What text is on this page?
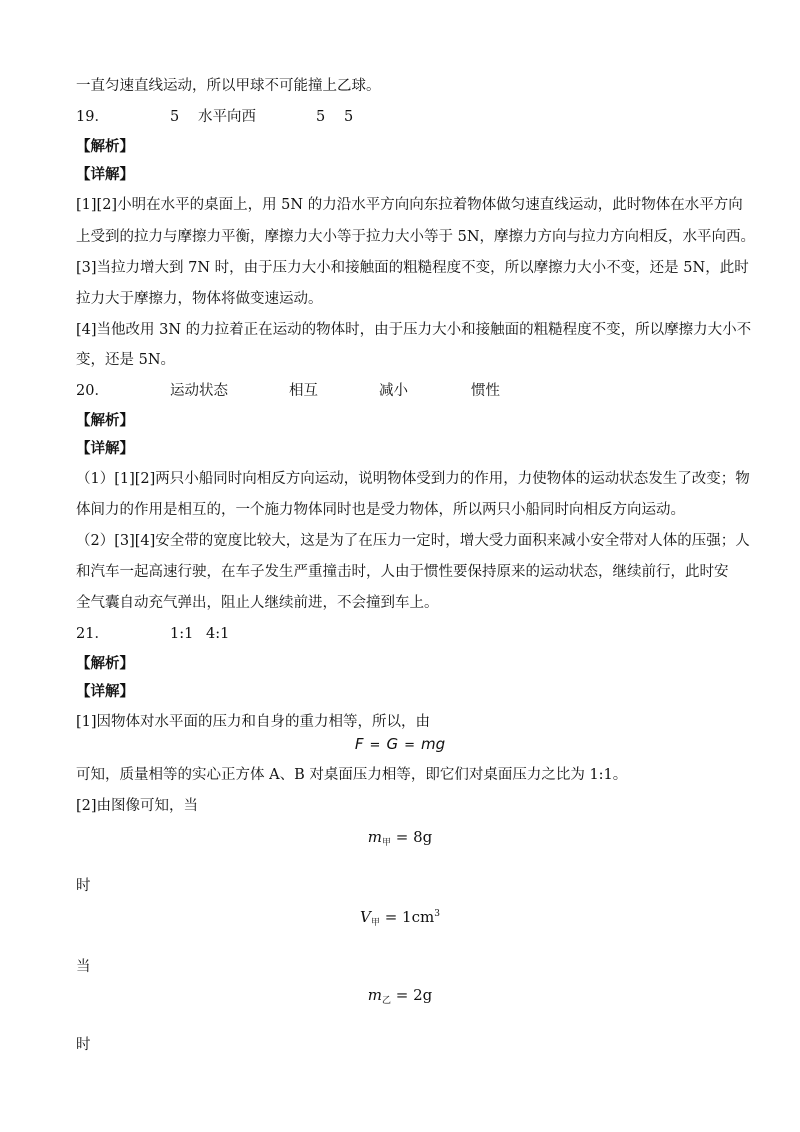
一直匀速直线运动，所以甲球不可能撞上乙球。

19．	5 水平向西	5 5

【解析】

【详解】

[1][2]小明在水平的桌面上，用 5N 的力沿水平方向向东拉着物体做匀速直线运动，此时物体在水平方向

上受到的拉力与摩擦力平衡，摩擦力大小等于拉力大小等于 5N，摩擦力方向与拉力方向相反，水平向西。

[3]当拉力增大到 7N 时，由于压力大小和接触面的粗糙程度不变，所以摩擦力大小不变，还是 5N，此时

拉力大于摩擦力，物体将做变速运动。

[4]当他改用 3N 的力拉着正在运动的物体时，由于压力大小和接触面的粗糙程度不变，所以摩擦力大小不

变，还是 5N。

20．	运动状态	相互	减小	惯性

【解析】

【详解】

（1）[1][2]两只小船同时向相反方向运动，说明物体受到力的作用，力使物体的运动状态发生了改变；物

体间力的作用是相互的，一个施力物体同时也是受力物体，所以两只小船同时向相反方向运动。

（2）[3][4]安全带的宽度比较大，这是为了在压力一定时，增大受力面积来减小安全带对人体的压强；人

和汽车一起高速行驶，在车子发生严重撞击时，人由于惯性要保持原来的运动状态，继续前行，此时安

全气囊自动充气弹出，阻止人继续前进，不会撞到车上。

21．	1:1 4:1

【解析】

【详解】

[1]因物体对水平面的压力和自身的重力相等，所以，由

F = G = mg

可知，质量相等的实心正方体 A、B 对桌面压力相等，即它们对桌面压力之比为 1:1。

[2]由图像可知，当

$m_甲 = 8g$

时

$V_甲 = 1cm^3$

当

$m_乙 = 2g$

时
